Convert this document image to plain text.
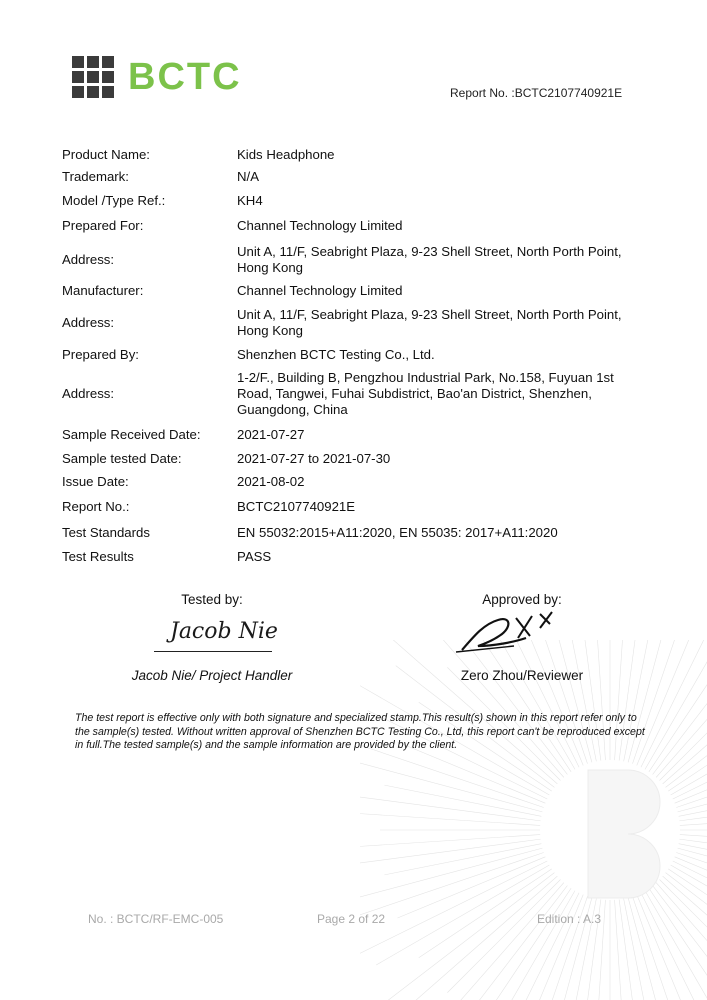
BCTC	Report No. :BCTC2107740921E
Product Name:	Kids Headphone
Trademark:	N/A
Model /Type Ref.:	KH4
Prepared For:	Channel Technology Limited
Address:
Unit A, 11/F, Seabright Plaza, 9-23 Shell Street, North Porth Point, Hong Kong
Manufacturer:	Channel Technology Limited
Address:
Unit A, 11/F, Seabright Plaza, 9-23 Shell Street, North Porth Point, Hong Kong
Prepared By:	Shenzhen BCTC Testing Co., Ltd.
Address:
1-2/F., Building B, Pengzhou Industrial Park, No.158, Fuyuan 1st Road, Tangwei, Fuhai Subdistrict, Bao'an District, Shenzhen, Guangdong, China
Sample Received Date:	2021-07-27
Sample tested Date:	2021-07-27 to 2021-07-30
Issue Date:	2021-08-02
Report No.:	BCTC2107740921E
Test Standards	EN 55032:2015+A11:2020, EN 55035: 2017+A11:2020
Test Results	PASS
Tested by:	Approved by:
Jacob Nie
Jacob Nie/ Project Handler	Zero Zhou/Reviewer
The test report is effective only with both signature and specialized stamp.This result(s) shown in this report refer only to the sample(s) tested. Without written approval of Shenzhen BCTC Testing Co., Ltd, this report can't be reproduced except in full.The tested sample(s) and the sample information are provided by the client.
No. : BCTC/RF-EMC-005	Page 2 of 22	Edition : A.3
